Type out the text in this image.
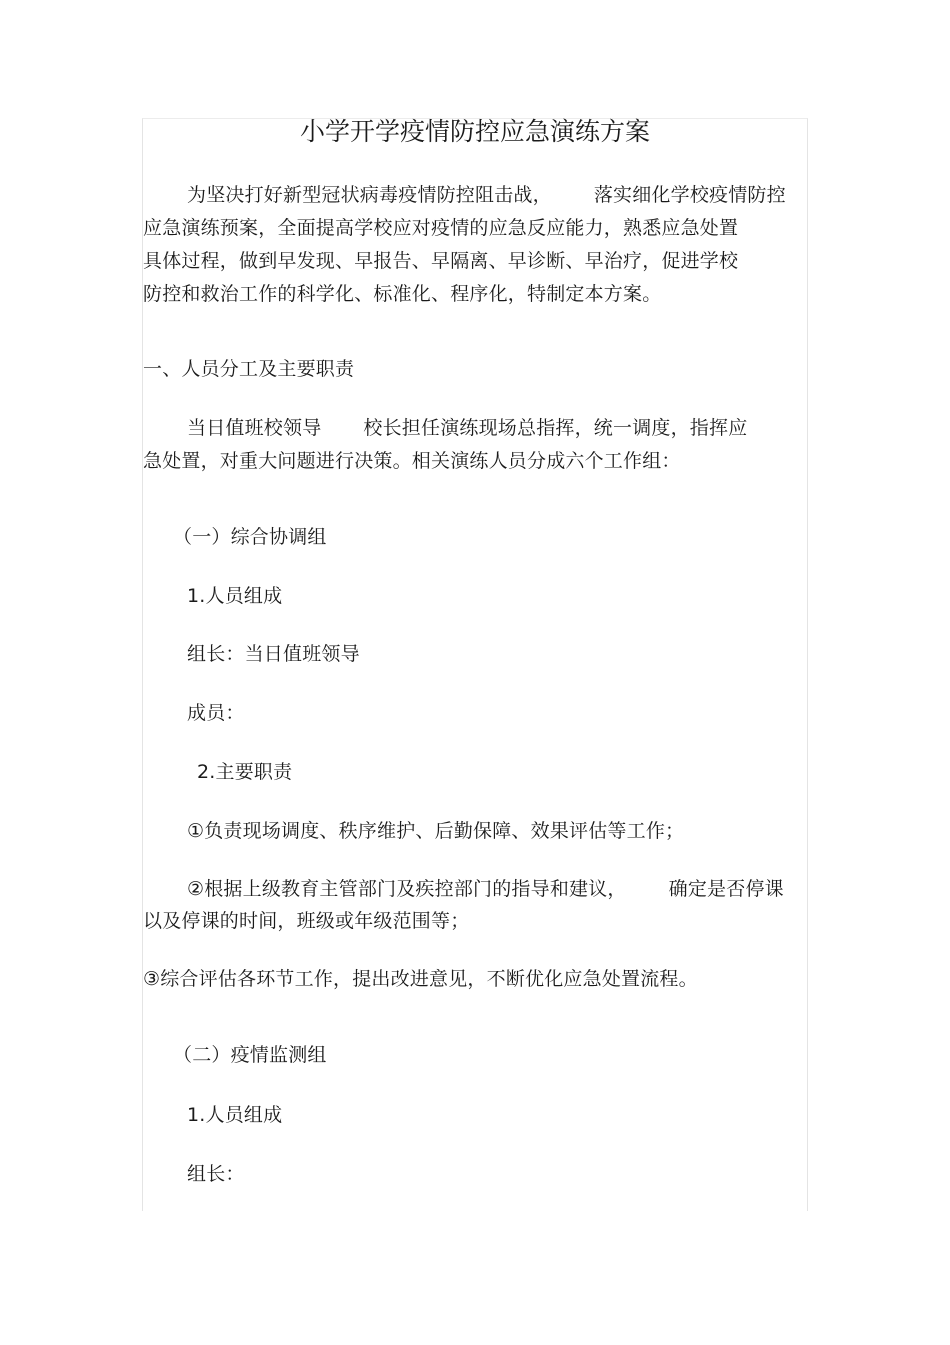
小学开学疫情防控应急演练方案
为坚决打好新型冠状病毒疫情防控阻击战， 落实细化学校疫情防控
应急演练预案，全面提高学校应对疫情的应急反应能力，熟悉应急处置
具体过程，做到早发现、早报告、早隔离、早诊断、早治疗，促进学校
防控和救治工作的科学化、标准化、程序化，特制定本方案。
一、人员分工及主要职责
当日值班校领导 校长担任演练现场总指挥，统一调度，指挥应
急处置，对重大问题进行决策。相关演练人员分成六个工作组：
（一）综合协调组
1.人员组成
组长：当日值班领导
成员：
2.主要职责
①负责现场调度、秩序维护、后勤保障、效果评估等工作；
②根据上级教育主管部门及疾控部门的指导和建议， 确定是否停课
以及停课的时间，班级或年级范围等；
③综合评估各环节工作，提出改进意见，不断优化应急处置流程。
（二）疫情监测组
1.人员组成
组长：
